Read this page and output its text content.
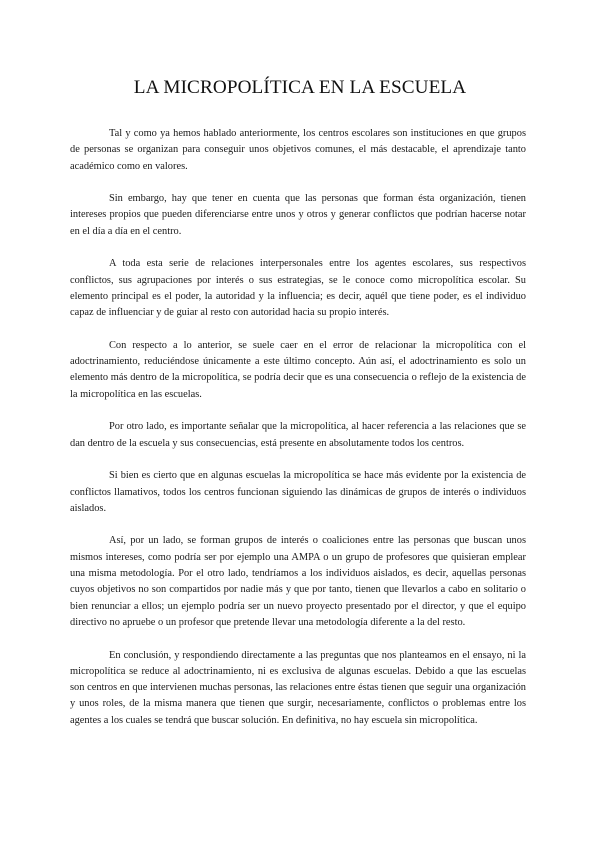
LA MICROPOLÍTICA EN LA ESCUELA

Tal y como ya hemos hablado anteriormente, los centros escolares son instituciones en que grupos de personas se organizan para conseguir unos objetivos comunes, el más destacable, el aprendizaje tanto académico como en valores.

Sin embargo, hay que tener en cuenta que las personas que forman ésta organización, tienen intereses propios que pueden diferenciarse entre unos y otros y generar conflictos que podrían hacerse notar en el día a día en el centro.

A toda esta serie de relaciones interpersonales entre los agentes escolares, sus respectivos conflictos, sus agrupaciones por interés o sus estrategias, se le conoce como micropolítica escolar. Su elemento principal es el poder, la autoridad y la influencia; es decir, aquél que tiene poder, es el individuo capaz de influenciar y de guiar al resto con autoridad hacia su propio interés.

Con respecto a lo anterior, se suele caer en el error de relacionar la micropolítica con el adoctrinamiento, reduciéndose únicamente a este último concepto. Aún así, el adoctrinamiento es solo un elemento más dentro de la micropolítica, se podría decir que es una consecuencia o reflejo de la existencia de la micropolítica en las escuelas.

Por otro lado, es importante señalar que la micropolítica, al hacer referencia a las relaciones que se dan dentro de la escuela y sus consecuencias, está presente en absolutamente todos los centros.

Si bien es cierto que en algunas escuelas la micropolítica se hace más evidente por la existencia de conflictos llamativos, todos los centros funcionan siguiendo las dinámicas de grupos de interés o individuos aislados.

Así, por un lado, se forman grupos de interés o coaliciones entre las personas que buscan unos mismos intereses, como podría ser por ejemplo una AMPA o un grupo de profesores que quisieran emplear una misma metodología. Por el otro lado, tendríamos a los individuos aislados, es decir, aquellas personas cuyos objetivos no son compartidos por nadie más y que por tanto, tienen que llevarlos a cabo en solitario o bien renunciar a ellos; un ejemplo podría ser un nuevo proyecto presentado por el director, y que el equipo directivo no apruebe o un profesor que pretende llevar una metodología diferente a la del resto.

En conclusión, y respondiendo directamente a las preguntas que nos planteamos en el ensayo, ni la micropolítica se reduce al adoctrinamiento, ni es exclusiva de algunas escuelas. Debido a que las escuelas son centros en que intervienen muchas personas, las relaciones entre éstas tienen que seguir una organización y unos roles, de la misma manera que tienen que surgir, necesariamente, conflictos o problemas entre los agentes a los cuales se tendrá que buscar solución. En definitiva, no hay escuela sin micropolítica.
